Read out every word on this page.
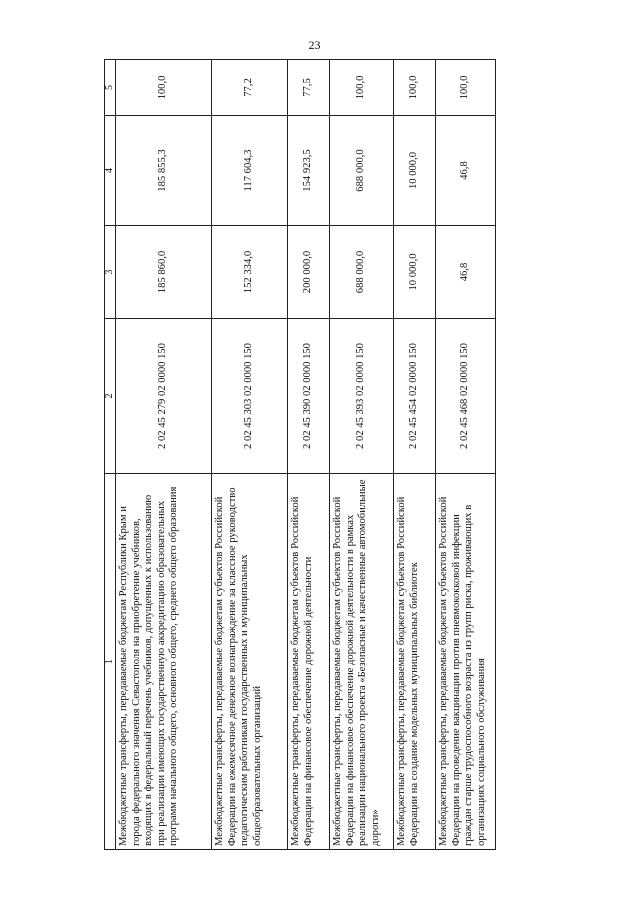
23
1	2	3	4	5
Межбюджетные трансферты, передаваемые бюджетам Республики Крым и города федерального значения Севастополя на приобретение учебников, входящих в федеральный перечень учебников, допущенных к использованию при реализации имеющих государственную аккредитацию образовательных программ начального общего, основного общего, среднего общего образования	2 02 45 279 02 0000 150	185 860,0	185 855,3	100,0
Межбюджетные трансферты, передаваемые бюджетам субъектов Российской Федерации на ежемесячное денежное вознаграждение за классное руководство педагогическим работникам государственных и муниципальных общеобразовательных организаций	2 02 45 303 02 0000 150	152 334,0	117 604,3	77,2
Межбюджетные трансферты, передаваемые бюджетам субъектов Российской Федерации на финансовое обеспечение дорожной деятельности	2 02 45 390 02 0000 150	200 000,0	154 923,5	77,5
Межбюджетные трансферты, передаваемые бюджетам субъектов Российской Федерации на финансовое обеспечение дорожной деятельности в рамках реализации национального проекта «Безопасные и качественные автомобильные дороги»	2 02 45 393 02 0000 150	688 000,0	688 000,0	100,0
Межбюджетные трансферты, передаваемые бюджетам субъектов Российской Федерации на создание модельных муниципальных библиотек	2 02 45 454 02 0000 150	10 000,0	10 000,0	100,0
Межбюджетные трансферты, передаваемые бюджетам субъектов Российской Федерации на проведение вакцинации против пневмококковой инфекции граждан старше трудоспособного возраста из групп риска, проживающих в организациях социального обслуживания	2 02 45 468 02 0000 150	46,8	46,8	100,0
